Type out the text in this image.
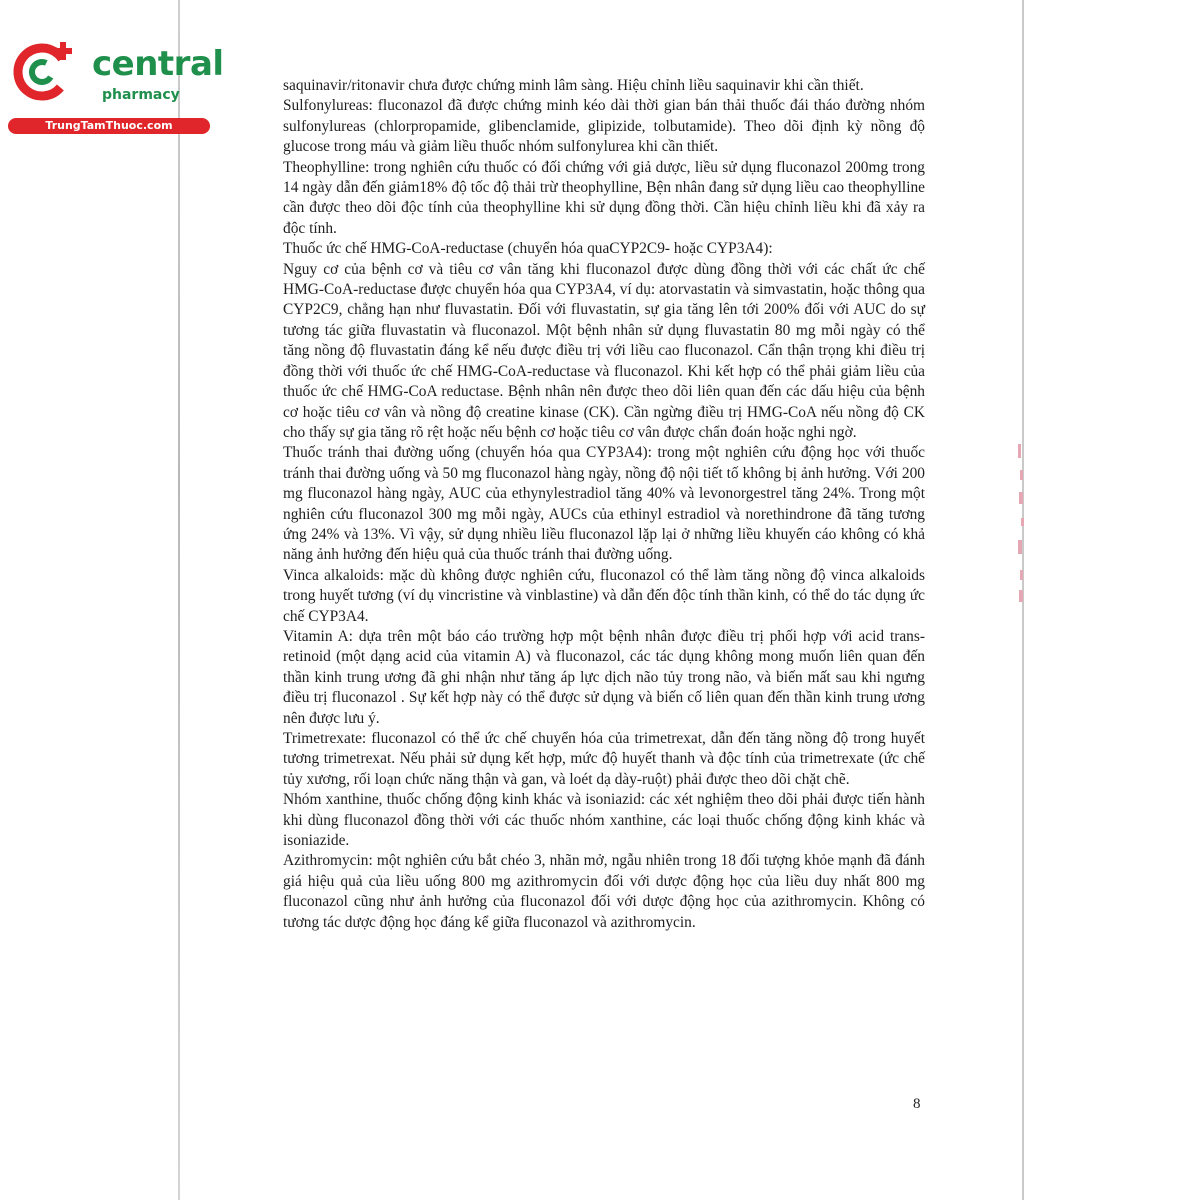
central
pharmacy
TrungTamThuoc.com

saquinavir/ritonavir chưa được chứng minh lâm sàng. Hiệu chỉnh liều saquinavir khi cần thiết.

Sulfonylureas: fluconazol đã được chứng minh kéo dài thời gian bán thải thuốc đái tháo đường nhóm sulfonylureas (chlorpropamide, glibenclamide, glipizide, tolbutamide). Theo dõi định kỳ nồng độ glucose trong máu và giảm liều thuốc nhóm sulfonylurea khi cần thiết.

Theophylline: trong nghiên cứu thuốc có đối chứng với giả dược, liều sử dụng fluconazol 200mg trong 14 ngày dẫn đến giảm18% độ tốc độ thải trừ theophylline, Bện nhân đang sử dụng liều cao theophylline cần được theo dõi độc tính của theophylline khi sử dụng đồng thời. Cần hiệu chỉnh liều khi đã xảy ra độc tính.

Thuốc ức chế HMG-CoA-reductase (chuyển hóa quaCYP2C9- hoặc CYP3A4):

Nguy cơ của bệnh cơ và tiêu cơ vân tăng khi fluconazol được dùng đồng thời với các chất ức chế HMG-CoA-reductase được chuyển hóa qua CYP3A4, ví dụ: atorvastatin và simvastatin, hoặc thông qua CYP2C9, chẳng hạn như fluvastatin. Đối với fluvastatin, sự gia tăng lên tới 200% đối với AUC do sự tương tác giữa fluvastatin và fluconazol. Một bệnh nhân sử dụng fluvastatin 80 mg mỗi ngày có thể tăng nồng độ fluvastatin đáng kể nếu được điều trị với liều cao fluconazol. Cẩn thận trọng khi điều trị đồng thời với thuốc ức chế HMG-CoA-reductase và fluconazol. Khi kết hợp có thể phải giảm liều của thuốc ức chế HMG-CoA reductase. Bệnh nhân nên được theo dõi liên quan đến các dấu hiệu của bệnh cơ hoặc tiêu cơ vân và nồng độ creatine kinase (CK). Cần ngừng điều trị HMG-CoA nếu nồng độ CK cho thấy sự gia tăng rõ rệt hoặc nếu bệnh cơ hoặc tiêu cơ vân được chẩn đoán hoặc nghi ngờ.

Thuốc tránh thai đường uống (chuyển hóa qua CYP3A4): trong một nghiên cứu động học với thuốc tránh thai đường uống và 50 mg fluconazol hàng ngày, nồng độ nội tiết tố không bị ảnh hưởng. Với 200 mg fluconazol hàng ngày, AUC của ethynylestradiol tăng 40% và levonorgestrel tăng 24%. Trong một nghiên cứu fluconazol 300 mg mỗi ngày, AUCs của ethinyl estradiol và norethindrone đã tăng tương ứng 24% và 13%. Vì vậy, sử dụng nhiều liều fluconazol lặp lại ở những liều khuyến cáo không có khả năng ảnh hưởng đến hiệu quả của thuốc tránh thai đường uống.

Vinca alkaloids: mặc dù không được nghiên cứu, fluconazol có thể làm tăng nồng độ vinca alkaloids trong huyết tương (ví dụ vincristine và vinblastine) và dẫn đến độc tính thần kinh, có thể do tác dụng ức chế CYP3A4.

Vitamin A: dựa trên một báo cáo trường hợp một bệnh nhân được điều trị phối hợp với acid trans-retinoid (một dạng acid của vitamin A) và fluconazol, các tác dụng không mong muốn liên quan đến thần kinh trung ương đã ghi nhận như tăng áp lực dịch não tủy trong não, và biến mất sau khi ngưng điều trị fluconazol . Sự kết hợp này có thể được sử dụng và biến cố liên quan đến thần kinh trung ương nên được lưu ý.

Trimetrexate: fluconazol có thể ức chế chuyển hóa của trimetrexat, dẫn đến tăng nồng độ trong huyết tương trimetrexat. Nếu phải sử dụng kết hợp, mức độ huyết thanh và độc tính của trimetrexate (ức chế tủy xương, rối loạn chức năng thận và gan, và loét dạ dày-ruột) phải được theo dõi chặt chẽ.

Nhóm xanthine, thuốc chống động kinh khác và isoniazid: các xét nghiệm theo dõi phải được tiến hành khi dùng fluconazol đồng thời với các thuốc nhóm xanthine, các loại thuốc chống động kinh khác và isoniazide.

Azithromycin: một nghiên cứu bắt chéo 3, nhãn mở, ngẫu nhiên trong 18 đối tượng khỏe mạnh đã đánh giá hiệu quả của liều uống 800 mg azithromycin đối với dược động học của liều duy nhất 800 mg fluconazol cũng như ảnh hưởng của fluconazol đối với dược động học của azithromycin. Không có tương tác dược động học đáng kể giữa fluconazol và azithromycin.

8
